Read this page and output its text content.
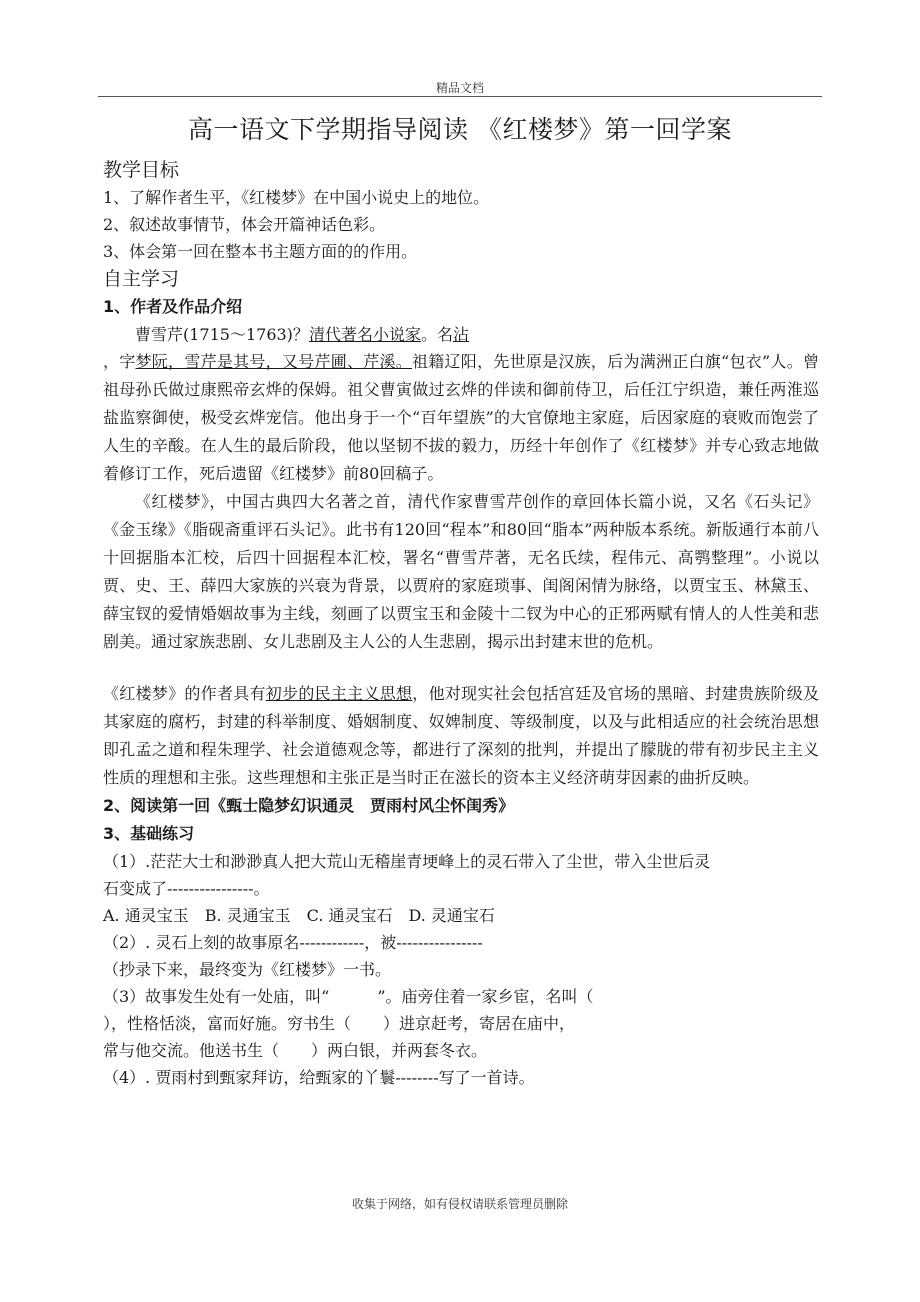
精品文档
高一语文下学期指导阅读 《红楼梦》第一回学案

教学目标

1、了解作者生平，《红楼梦》在中国小说史上的地位。

2、叙述故事情节，体会开篇神话色彩。

3、体会第一回在整本书主题方面的的作用。

自主学习

1、作者及作品介绍

曹雪芹(1715～1763)？清代著名小说家。名沾

，字梦阮，雪芹是其号，又号芹圃、芹溪。祖籍辽阳，先世原是汉族，后为满洲正白旗“包衣”人。曾祖母孙氏做过康熙帝玄烨的保姆。祖父曹寅做过玄烨的伴读和御前侍卫，后任江宁织造，兼任两淮巡盐监察御使，极受玄烨宠信。他出身于一个“百年望族”的大官僚地主家庭，后因家庭的衰败而饱尝了人生的辛酸。在人生的最后阶段，他以坚韧不拔的毅力，历经十年创作了《红楼梦》并专心致志地做着修订工作，死后遗留《红楼梦》前80回稿子。

《红楼梦》，中国古典四大名著之首，清代作家曹雪芹创作的章回体长篇小说，又名《石头记》《金玉缘》《脂砚斋重评石头记》。此书有120回“程本”和80回“脂本”两种版本系统。新版通行本前八十回据脂本汇校，后四十回据程本汇校，署名“曹雪芹著，无名氏续，程伟元、高鹗整理”。小说以贾、史、王、薛四大家族的兴衰为背景，以贾府的家庭琐事、闺阁闲情为脉络，以贾宝玉、林黛玉、薛宝钗的爱情婚姻故事为主线，刻画了以贾宝玉和金陵十二钗为中心的正邪两赋有情人的人性美和悲剧美。通过家族悲剧、女儿悲剧及主人公的人生悲剧，揭示出封建末世的危机。

《红楼梦》的作者具有初步的民主主义思想，他对现实社会包括宫廷及官场的黑暗、封建贵族阶级及其家庭的腐朽，封建的科举制度、婚姻制度、奴婢制度、等级制度，以及与此相适应的社会统治思想即孔孟之道和程朱理学、社会道德观念等，都进行了深刻的批判，并提出了朦胧的带有初步民主主义性质的理想和主张。这些理想和主张正是当时正在滋长的资本主义经济萌芽因素的曲折反映。

2、阅读第一回《甄士隐梦幻识通灵　贾雨村风尘怀闺秀》

3、基础练习

（1）.茫茫大士和渺渺真人把大荒山无稽崖青埂峰上的灵石带入了尘世，带入尘世后灵

石变成了----------------。

A. 通灵宝玉　B. 灵通宝玉　C. 通灵宝石　D. 灵通宝石

（2）. 灵石上刻的故事原名------------，被----------------

（抄录下来，最终变为《红楼梦》一书。

（3）故事发生处有一处庙，叫“　　　”。庙旁住着一家乡宦，名叫（

），性格恬淡，富而好施。穷书生（　　）进京赶考，寄居在庙中，

常与他交流。他送书生（　　）两白银，并两套冬衣。

（4）. 贾雨村到甄家拜访，给甄家的丫鬟--------写了一首诗。

收集于网络，如有侵权请联系管理员删除
